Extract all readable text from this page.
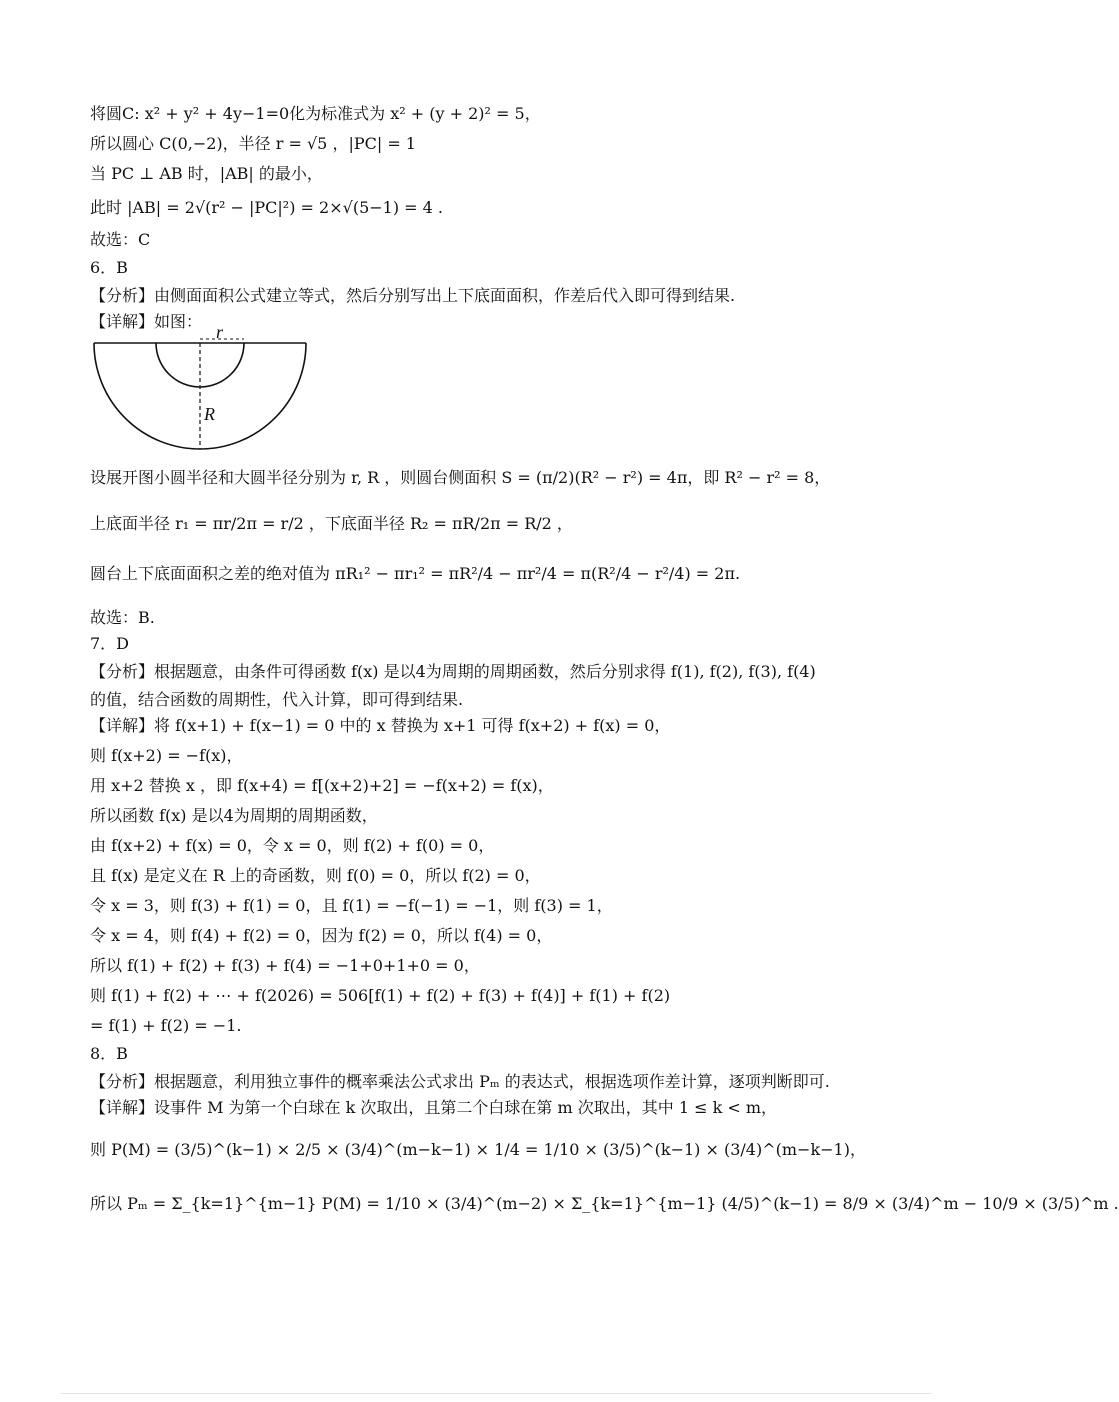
将圆C: x² + y² + 4y−1=0化为标准式为 x² + (y + 2)² = 5，
所以圆心 C(0,−2)，半径 r = √5 ，|PC| = 1
当 PC ⊥ AB 时，|AB| 的最小，
此时 |AB| = 2√(r² − |PC|²) = 2×√(5−1) = 4 .
故选：C
6．B
【分析】由侧面面积公式建立等式，然后分别写出上下底面面积，作差后代入即可得到结果.
【详解】如图：
设展开图小圆半径和大圆半径分别为 r, R ，则圆台侧面积 S = (π/2)(R² − r²) = 4π，即 R² − r² = 8，
上底面半径 r₁ = πr/2π = r/2 ，下底面半径 R₂ = πR/2π = R/2 ，
圆台上下底面面积之差的绝对值为 πR₁² − πr₁² = πR²/4 − πr²/4 = π(R²/4 − r²/4) = 2π.
故选：B.
7．D
【分析】根据题意，由条件可得函数 f(x) 是以4为周期的周期函数，然后分别求得 f(1), f(2), f(3), f(4)
的值，结合函数的周期性，代入计算，即可得到结果.
【详解】将 f(x+1) + f(x−1) = 0 中的 x 替换为 x+1 可得 f(x+2) + f(x) = 0，
则 f(x+2) = −f(x)，
用 x+2 替换 x ，即 f(x+4) = f[(x+2)+2] = −f(x+2) = f(x)，
所以函数 f(x) 是以4为周期的周期函数，
由 f(x+2) + f(x) = 0，令 x = 0，则 f(2) + f(0) = 0，
且 f(x) 是定义在 R 上的奇函数，则 f(0) = 0，所以 f(2) = 0，
令 x = 3，则 f(3) + f(1) = 0，且 f(1) = −f(−1) = −1，则 f(3) = 1，
令 x = 4，则 f(4) + f(2) = 0，因为 f(2) = 0，所以 f(4) = 0，
所以 f(1) + f(2) + f(3) + f(4) = −1+0+1+0 = 0，
则 f(1) + f(2) + ⋯ + f(2026) = 506[f(1) + f(2) + f(3) + f(4)] + f(1) + f(2)
= f(1) + f(2) = −1.
8．B
【分析】根据题意，利用独立事件的概率乘法公式求出 Pₘ 的表达式，根据选项作差计算，逐项判断即可.
【详解】设事件 M 为第一个白球在 k 次取出，且第二个白球在第 m 次取出，其中 1 ≤ k < m，
则 P(M) = (3/5)^(k−1) × 2/5 × (3/4)^(m−k−1) × 1/4 = 1/10 × (3/5)^(k−1) × (3/4)^(m−k−1)，
所以 Pₘ = Σ_{k=1}^{m−1} P(M) = 1/10 × (3/4)^(m−2) × Σ_{k=1}^{m−1} (4/5)^(k−1) = 8/9 × (3/4)^m − 10/9 × (3/5)^m .
r
R
